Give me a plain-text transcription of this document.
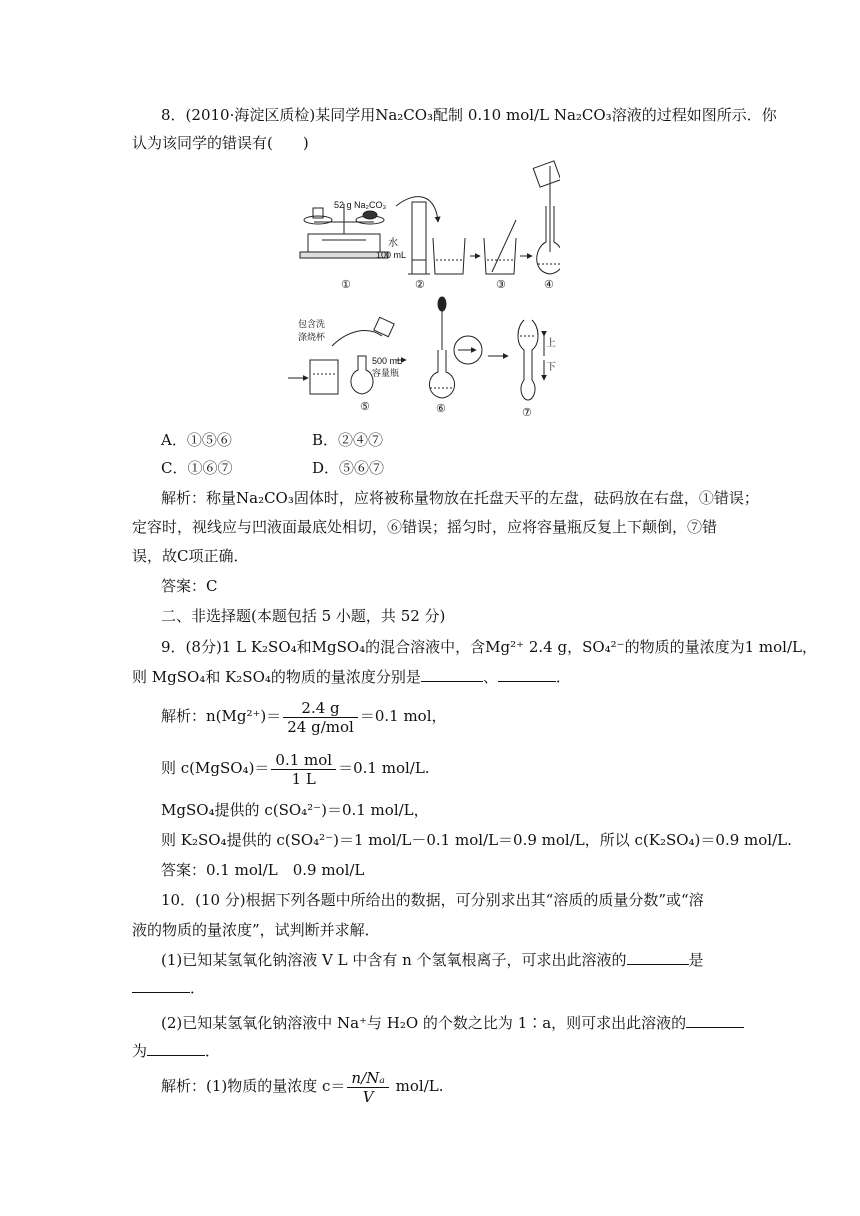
8．(2010·海淀区质检)某同学用Na₂CO₃配制 0.10 mol/L Na₂CO₃溶液的过程如图所示．你
认为该同学的错误有(　　)
52 g Na₂CO₃
水
100 mL
①	②	③	④
包含洗
涤烧杯
⑤
500 mL
容量瓶
⑥
上
下
⑦
A．①⑤⑥	B．②④⑦
C．①⑥⑦	D．⑤⑥⑦
解析：称量Na₂CO₃固体时，应将被称量物放在托盘天平的左盘，砝码放在右盘，①错误；
定容时，视线应与凹液面最底处相切，⑥错误；摇匀时，应将容量瓶反复上下颠倒，⑦错
误，故C项正确．
答案：C
二、非选择题(本题包括 5 小题，共 52 分)
9．(8分)1 L K₂SO₄和MgSO₄的混合溶液中，含Mg²⁺ 2.4 g，SO₄²⁻的物质的量浓度为1 mol/L，
则 MgSO₄和 K₂SO₄的物质的量浓度分别是	、	．
解析：$n(Mg^{2+})= \frac{2.4 g}{\text{24 g/mol}} =0.1$ mol，
则 c(MgSO₄)＝ $\frac{\text{0.1 mol}}{1 L} =0.1$ mol/L.
MgSO₄提供的 c(SO₄²⁻)＝0.1 mol/L，
则 K₂SO₄提供的 c(SO₄²⁻)＝1 mol/L－0.1 mol/L＝0.9 mol/L，所以 c(K₂SO₄)＝0.9 mol/L.
答案：0.1 mol/L　0.9 mol/L
10．(10 分)根据下列各题中所给出的数据，可分别求出其“溶质的质量分数”或“溶
液的物质的量浓度”，试判断并求解．
(1)已知某氢氧化钠溶液 V L 中含有 n 个氢氧根离子，可求出此溶液的	是
．
(2)已知某氢氧化钠溶液中 Na⁺与 H₂O 的个数之比为 1∶a，则可求出此溶液的
为	．
解析：(1)物质的量浓度 $c= \frac{\text{n/Nₐ}}{V} mol/L$.
